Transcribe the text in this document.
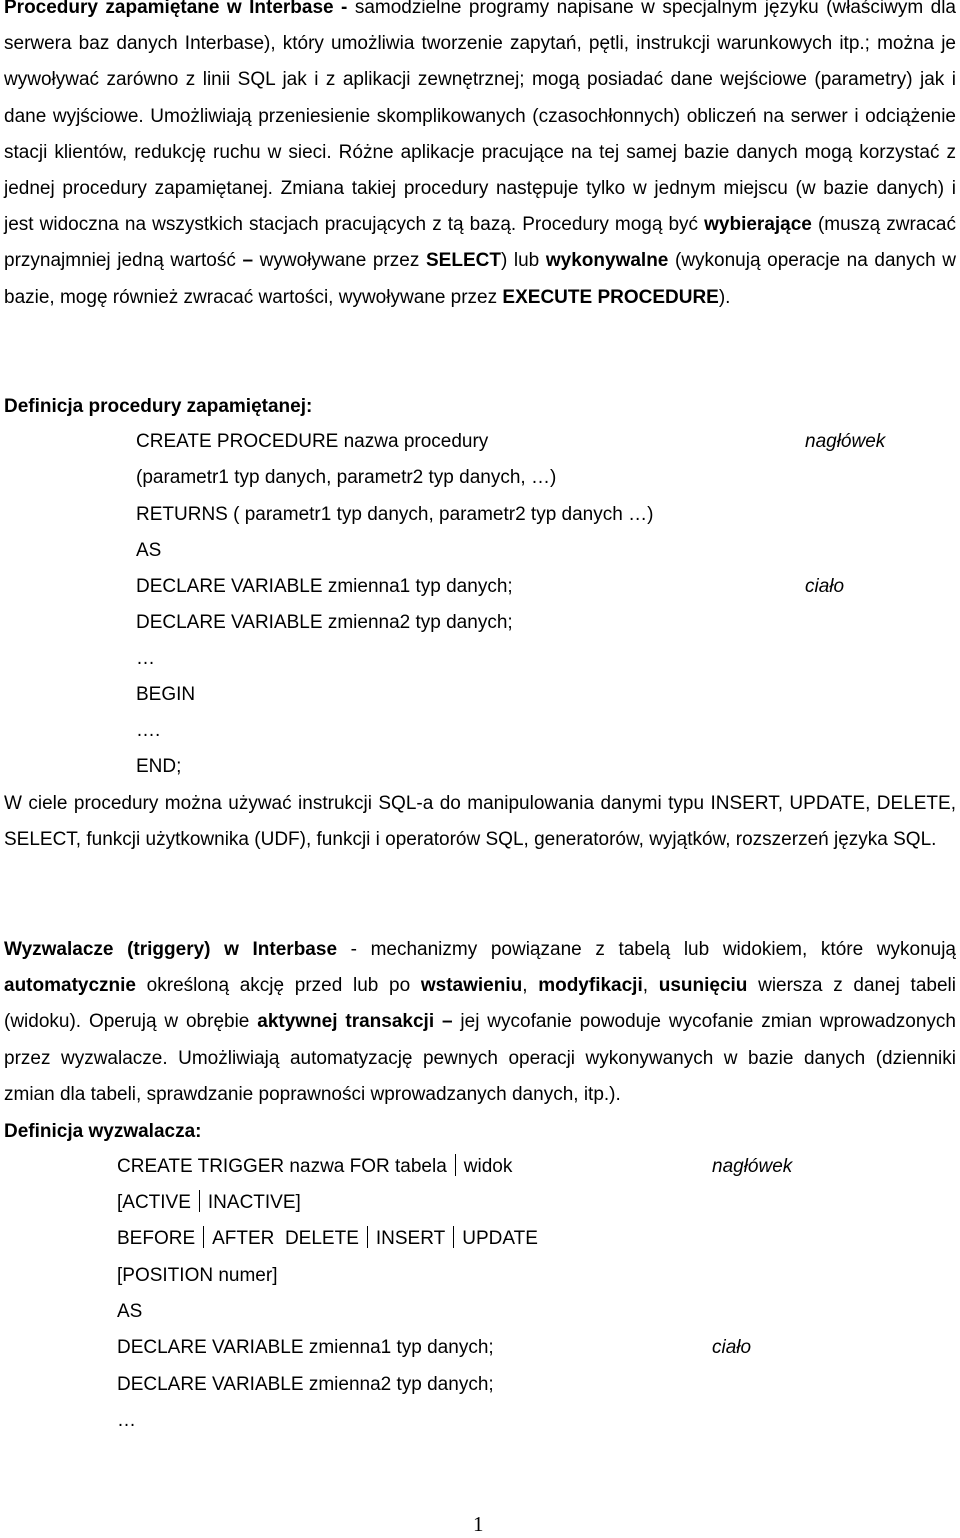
Procedury zapamiętane w Interbase - samodzielne programy napisane w specjalnym języku (właściwym dla serwera baz danych Interbase), który umożliwia tworzenie zapytań, pętli, instrukcji warunkowych itp.; można je wywoływać zarówno z linii SQL jak i z aplikacji zewnętrznej; mogą posiadać dane wejściowe (parametry) jak i dane wyjściowe. Umożliwiają przeniesienie skomplikowanych (czasochłonnych) obliczeń na serwer i odciążenie stacji klientów, redukcję ruchu w sieci. Różne aplikacje pracujące na tej samej bazie danych mogą korzystać z jednej procedury zapamiętanej. Zmiana takiej procedury następuje tylko w jednym miejscu (w bazie danych) i jest widoczna na wszystkich stacjach pracujących z tą bazą. Procedury mogą być wybierające (muszą zwracać przynajmniej jedną wartość – wywoływane przez SELECT) lub wykonywalne (wykonują operacje na danych w bazie, mogę również zwracać wartości, wywoływane przez EXECUTE PROCEDURE).
Definicja procedury zapamiętanej:
CREATE PROCEDURE nazwa procedury
(parametr1 typ danych, parametr2 typ danych, …)
RETURNS ( parametr1 typ danych, parametr2 typ danych …)
AS
DECLARE VARIABLE zmienna1 typ danych;
DECLARE VARIABLE zmienna2 typ danych;
…
BEGIN
….
END;
nagłówek
ciało
W ciele procedury można używać instrukcji SQL-a do manipulowania danymi typu INSERT, UPDATE, DELETE, SELECT, funkcji użytkownika (UDF), funkcji i operatorów SQL, generatorów, wyjątków, rozszerzeń języka SQL.
Wyzwalacze (triggery) w Interbase - mechanizmy powiązane z tabelą lub widokiem, które wykonują automatycznie określoną akcję przed lub po wstawieniu, modyfikacji, usunięciu wiersza z danej tabeli (widoku). Operują w obrębie aktywnej transakcji – jej wycofanie powoduje wycofanie zmian wprowadzonych przez wyzwalacze. Umożliwiają automatyzację pewnych operacji wykonywanych w bazie danych (dzienniki zmian dla tabeli, sprawdzanie poprawności wprowadzanych danych, itp.).
Definicja wyzwalacza:
CREATE TRIGGER nazwa FOR tabela widok
[ACTIVE INACTIVE]
BEFORE AFTER  DELETE INSERT UPDATE
[POSITION numer]
AS
DECLARE VARIABLE zmienna1 typ danych;
DECLARE VARIABLE zmienna2 typ danych;
…
nagłówek
ciało
1
